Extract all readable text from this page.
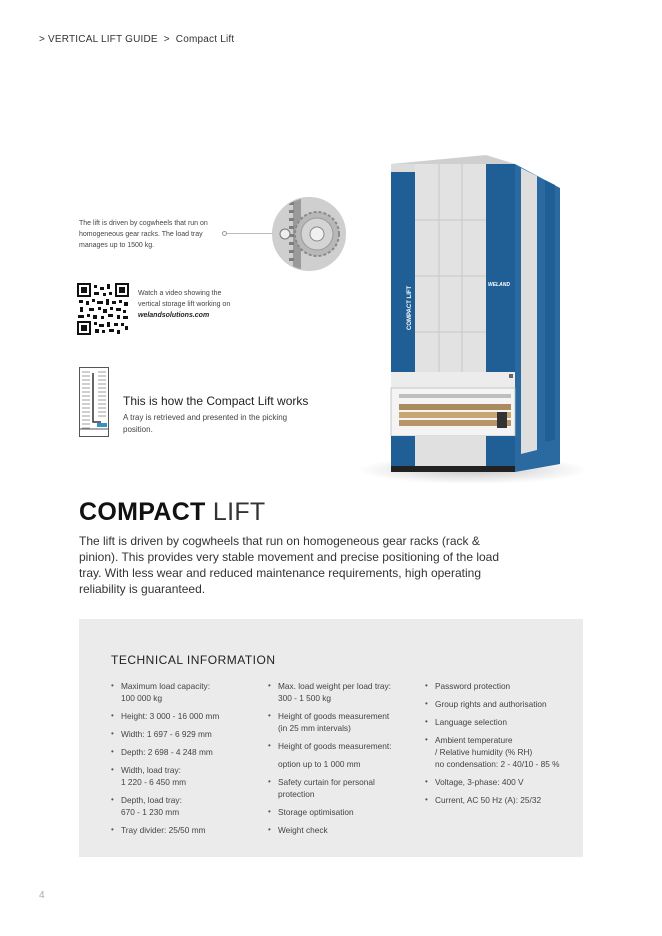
> VERTICAL LIFT GUIDE > Compact Lift
The lift is driven by cogwheels that run on homogeneous gear racks. The load tray manages up to 1500 kg.
Watch a video showing the vertical storage lift working on
welandsolutions.com
This is how the Compact Lift works
A tray is retrieved and presented in the picking position.
COMPACT LIFT
WELAND
COMPACT LIFT

The lift is driven by cogwheels that run on homogeneous gear racks (rack & pinion). This provides very stable movement and precise positioning of the load tray. With less wear and reduced maintenance requirements, high operating reliability is guaranteed.

TECHNICAL INFORMATION
• Maximum load capacity:
100 000 kg
• Height: 3 000 - 16 000 mm
• Width: 1 697 - 6 929 mm
• Depth: 2 698 - 4 248 mm
• Width, load tray:
1 220 - 6 450 mm
• Depth, load tray:
670 - 1 230 mm
• Tray divider: 25/50 mm
• Max. load weight per load tray:
300 - 1 500 kg
• Height of goods measurement
(in 25 mm intervals)
• Height of goods measurement:
option up to 1 000 mm
• Safety curtain for personal
protection
• Storage optimisation
• Weight check
• Password protection
• Group rights and authorisation
• Language selection
• Ambient temperature
/ Relative humidity (% RH)
no condensation: 2 - 40/10 - 85 %
• Voltage, 3-phase: 400 V
• Current, AC 50 Hz (A): 25/32
4
